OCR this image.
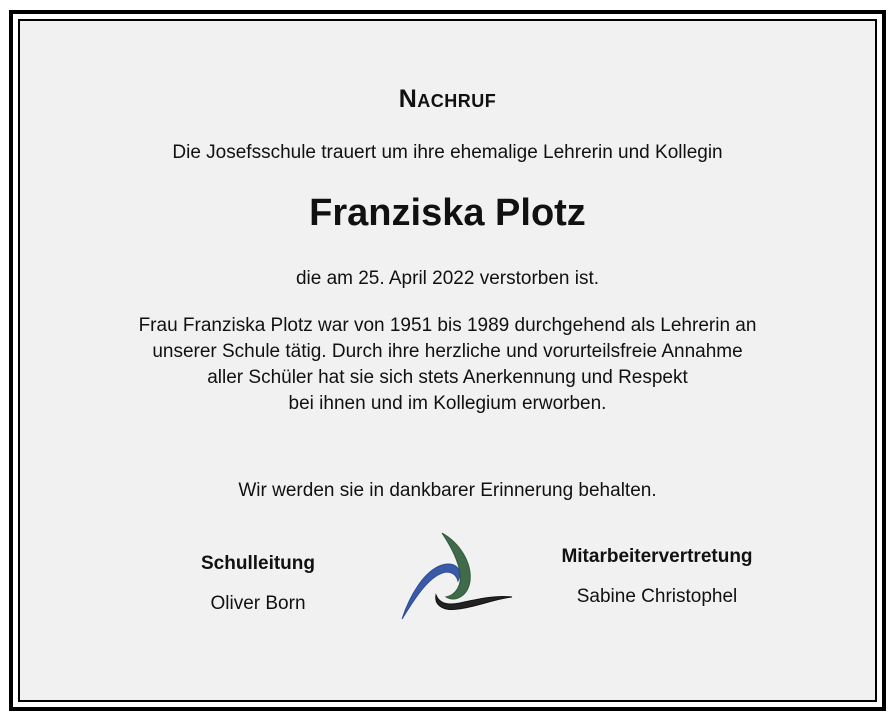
Nachruf
Die Josefsschule trauert um ihre ehemalige Lehrerin und Kollegin
Franziska Plotz
die am 25. April 2022 verstorben ist.
Frau Franziska Plotz war von 1951 bis 1989 durchgehend als Lehrerin an
unserer Schule tätig. Durch ihre herzliche und vorurteilsfreie Annahme
aller Schüler hat sie sich stets Anerkennung und Respekt
bei ihnen und im Kollegium erworben.
Wir werden sie in dankbarer Erinnerung behalten.
Schulleitung
Oliver Born
Mitarbeitervertretung
Sabine Christophel
